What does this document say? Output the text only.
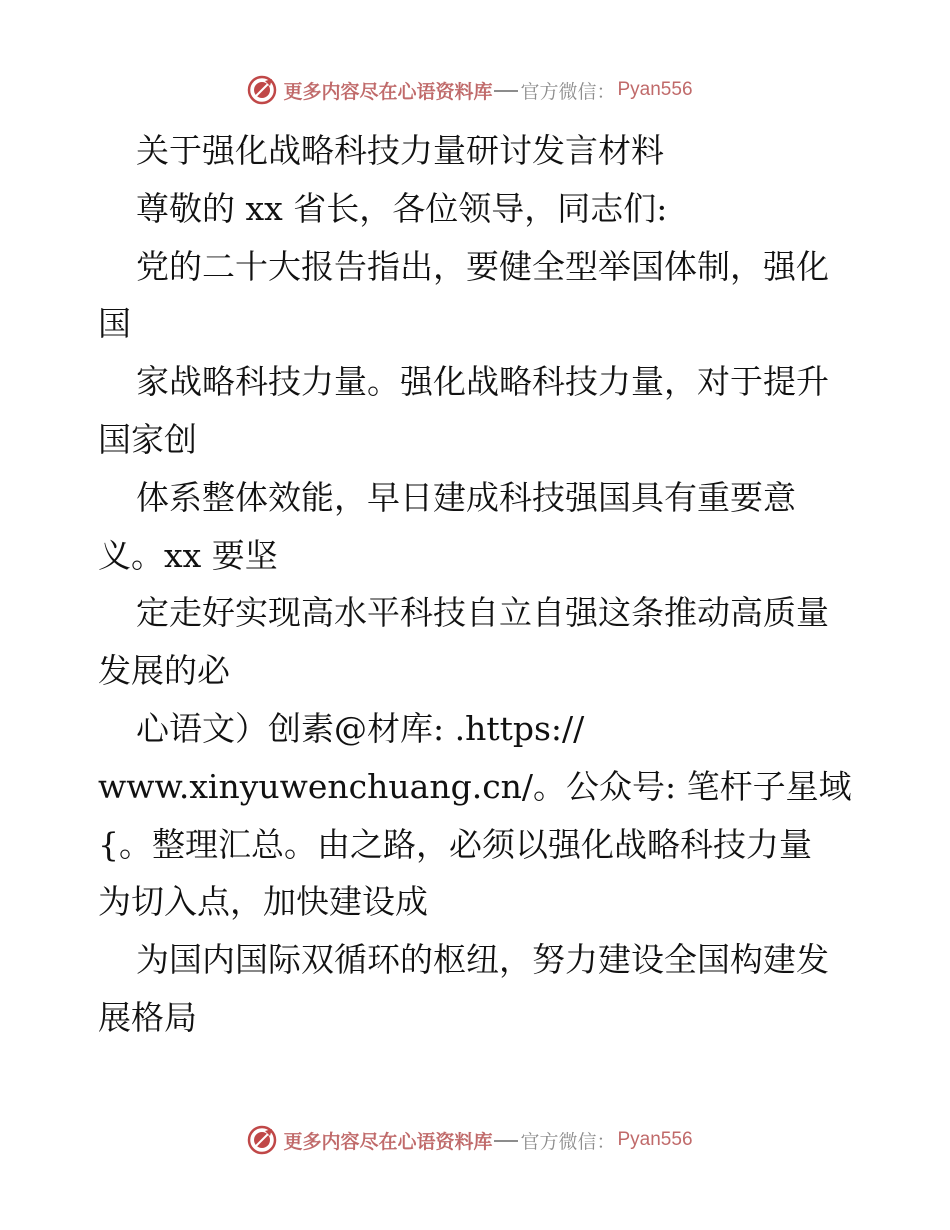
更多内容尽在心语资料库 官方微信： Pyan556
关于强化战略科技力量研讨发言材料
尊敬的 xx 省长，各位领导，同志们:
党的二十大报告指出，要健全型举国体制，强化
国
家战略科技力量。强化战略科技力量，对于提升
国家创
体系整体效能，早日建成科技强国具有重要意
义。xx 要坚
定走好实现高水平科技自立自强这条推动高质量
发展的必
心语文）创素@材库: .https://
www.xinyuwenchuang.cn/。公众号: 笔杆子星域
{。整理汇总。由之路，必须以强化战略科技力量
为切入点，加快建设成
为国内国际双循环的枢纽，努力建设全国构建发
展格局
更多内容尽在心语资料库 官方微信： Pyan556
